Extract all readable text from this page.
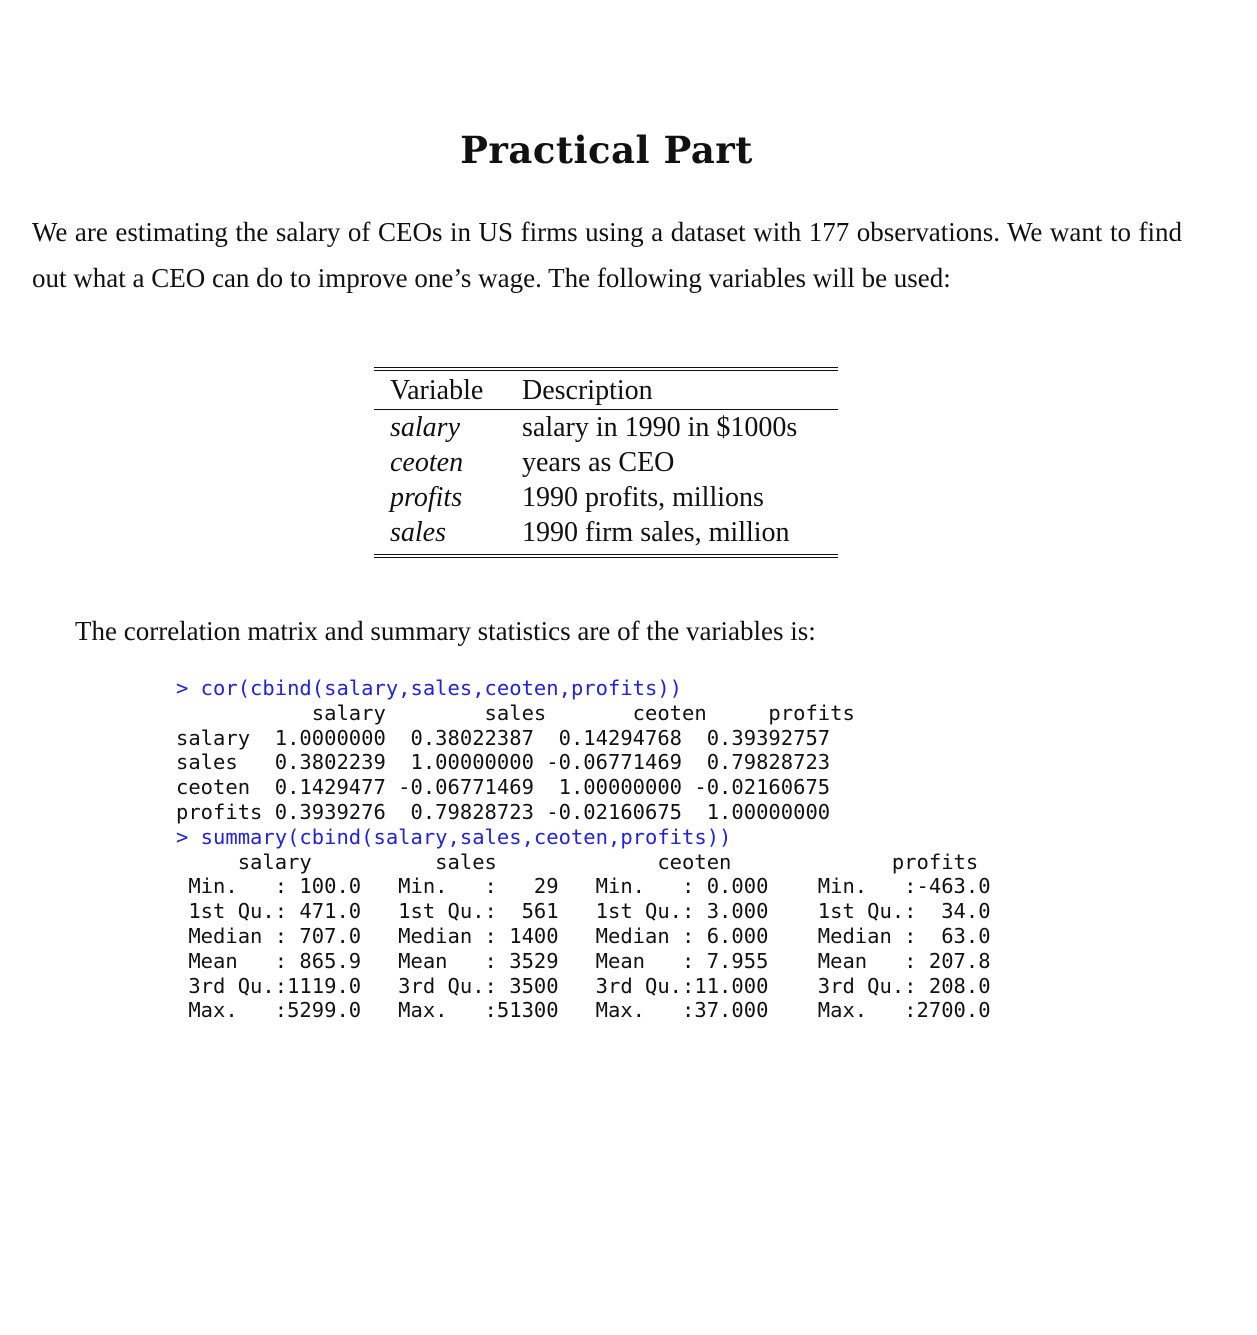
Practical Part
We are estimating the salary of CEOs in US firms using a dataset with 177 observations. We want to find out what a CEO can do to improve one’s wage. The following variables will be used:
Variable	Description
salary	salary in 1990 in $1000s
ceoten	years as CEO
profits	1990 profits, millions
sales	1990 firm sales, million
The correlation matrix and summary statistics are of the variables is:
> cor(cbind(salary,sales,ceoten,profits))
salary        sales       ceoten     profits
salary  1.0000000  0.38022387  0.14294768  0.39392757
sales   0.3802239  1.00000000 -0.06771469  0.79828723
ceoten  0.1429477 -0.06771469  1.00000000 -0.02160675
profits 0.3939276  0.79828723 -0.02160675  1.00000000
> summary(cbind(salary,sales,ceoten,profits))
salary          sales             ceoten             profits
Min.   : 100.0   Min.   :   29   Min.   : 0.000    Min.   :-463.0
1st Qu.: 471.0   1st Qu.:  561   1st Qu.: 3.000    1st Qu.:  34.0
Median : 707.0   Median : 1400   Median : 6.000    Median :  63.0
Mean   : 865.9   Mean   : 3529   Mean   : 7.955    Mean   : 207.8
3rd Qu.:1119.0   3rd Qu.: 3500   3rd Qu.:11.000    3rd Qu.: 208.0
Max.   :5299.0   Max.   :51300   Max.   :37.000    Max.   :2700.0
